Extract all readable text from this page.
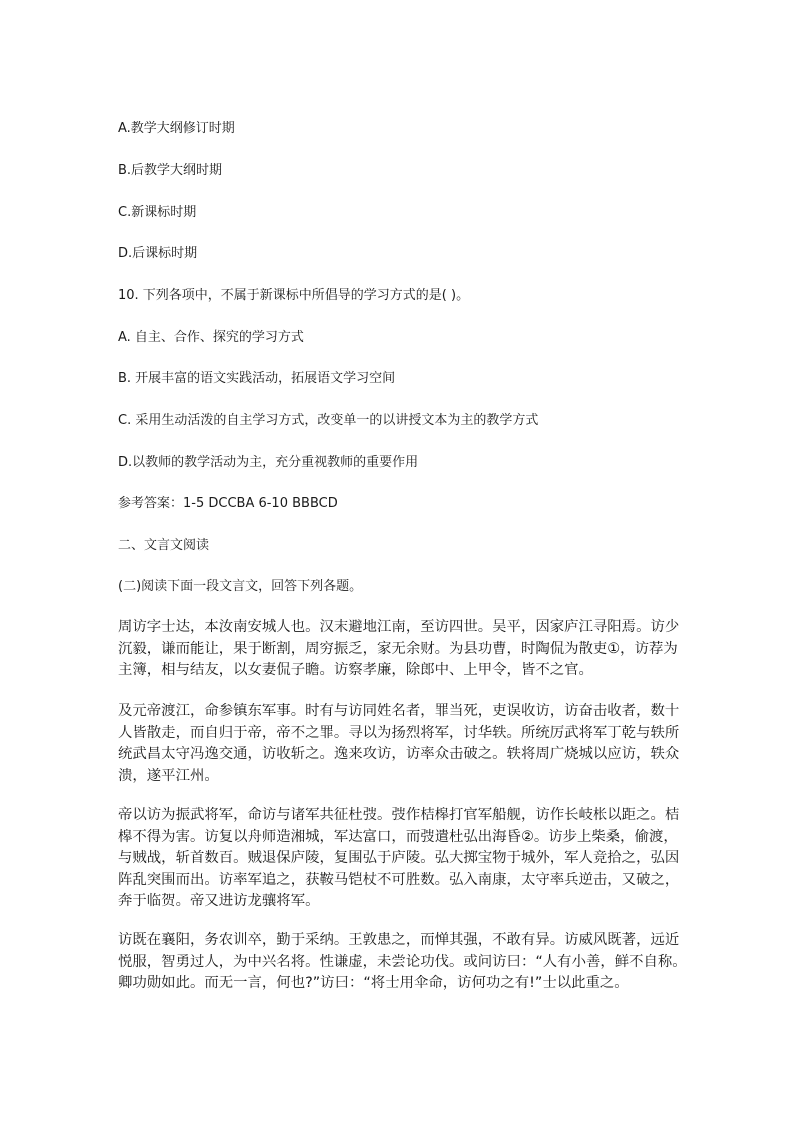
A.教学大纲修订时期

B.后教学大纲时期

C.新课标时期

D.后课标时期

10. 下列各项中，不属于新课标中所倡导的学习方式的是( )。

A. 自主、合作、探究的学习方式

B. 开展丰富的语文实践活动，拓展语文学习空间

C. 采用生动活泼的自主学习方式，改变单一的以讲授文本为主的教学方式

D.以教师的教学活动为主，充分重视教师的重要作用

参考答案：1-5 DCCBA 6-10 BBBCD

二、文言文阅读

(二)阅读下面一段文言文，回答下列各题。

周访字士达，本汝南安城人也。汉末避地江南，至访四世。吴平，因家庐江寻阳焉。访少
沉毅，谦而能让，果于断割，周穷振乏，家无余财。为县功曹，时陶侃为散吏①，访荐为
主簿，相与结友，以女妻侃子瞻。访察孝廉，除郎中、上甲令，皆不之官。
及元帝渡江，命参镇东军事。时有与访同姓名者，罪当死，吏误收访，访奋击收者，数十
人皆散走，而自归于帝，帝不之罪。寻以为扬烈将军，讨华轶。所统厉武将军丁乾与轶所
统武昌太守冯逸交通，访收斩之。逸来攻访，访率众击破之。轶将周广烧城以应访，轶众
溃，遂平江州。
帝以访为振武将军，命访与诸军共征杜弢。弢作桔槔打官军船舰，访作长岐枨以距之。桔
槔不得为害。访复以舟师造湘城，军达富口，而弢遣杜弘出海昏②。访步上柴桑，偷渡，
与贼战，斩首数百。贼退保庐陵，复围弘于庐陵。弘大掷宝物于城外，军人竞拾之，弘因
阵乱突围而出。访率军追之，获鞍马铠杖不可胜数。弘入南康，太守率兵逆击，又破之，
奔于临贺。帝又进访龙骧将军。
访既在襄阳，务农训卒，勤于采纳。王敦患之，而惮其强，不敢有异。访威风既著，远近
悦服，智勇过人，为中兴名将。性谦虚，未尝论功伐。或问访曰：“人有小善，鲜不自称。
卿功勋如此。而无一言，何也?”访曰：“将士用伞命，访何功之有!”士以此重之。
